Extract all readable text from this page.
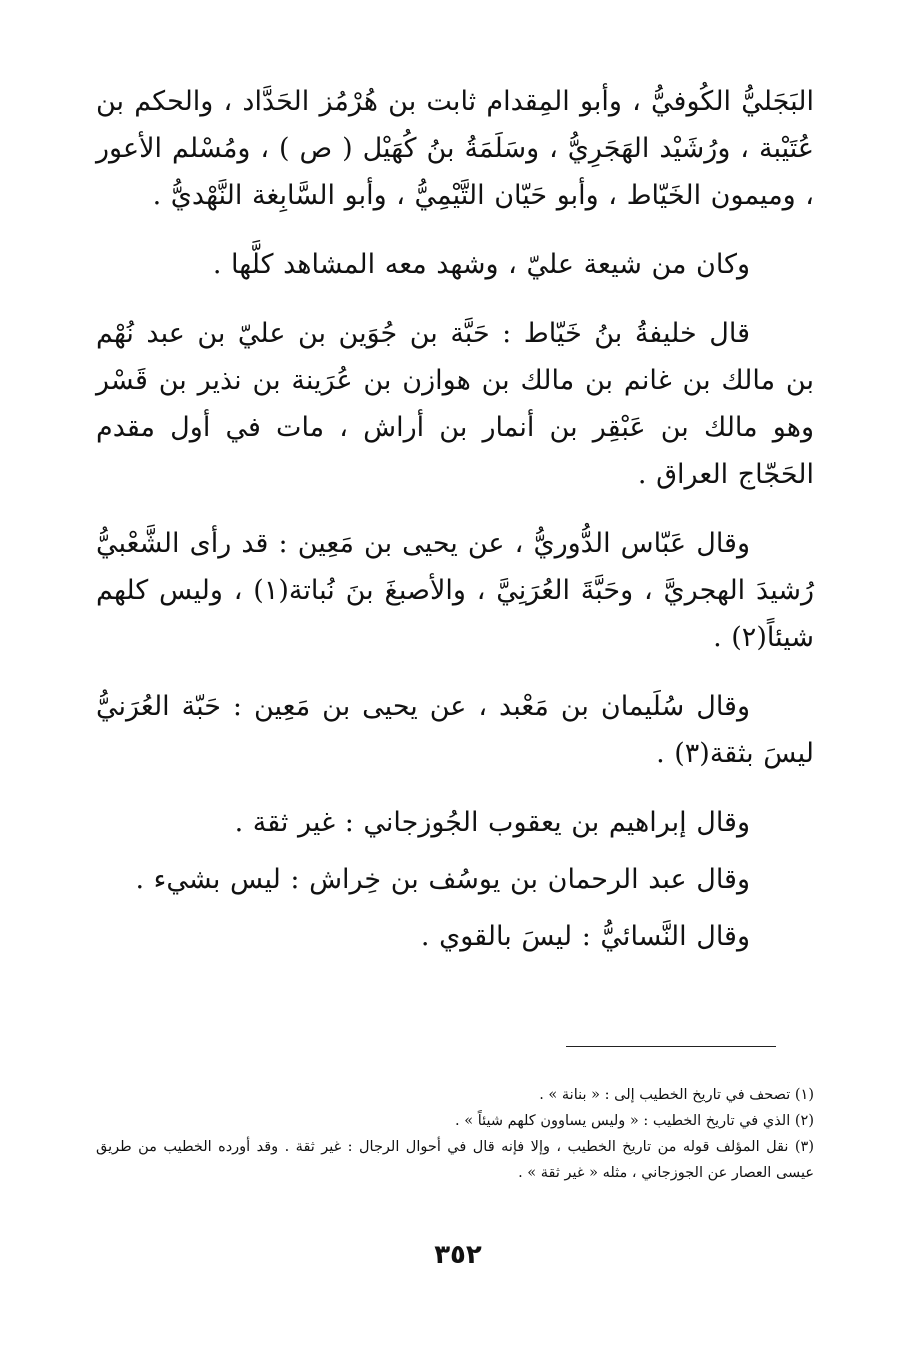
البَجَليُّ الكُوفيُّ ، وأبو المِقدام ثابت بن هُرْمُز الحَدَّاد ، والحكم بن عُتَيْبة ، ورُشَيْد الهَجَرِيُّ ، وسَلَمَةُ بنُ كُهَيْل ( ص ) ، ومُسْلم الأعور ، وميمون الخَيّاط ، وأبو حَيّان التَّيْمِيُّ ، وأبو السَّابِغة النَّهْديُّ .

وكان من شيعة عليّ ، وشهد معه المشاهد كلَّها .

قال خليفةُ بنُ خَيّاط : حَبَّة بن جُوَين بن عليّ بن عبد نُهْم بن مالك بن غانم بن مالك بن هوازن بن عُرَينة بن نذير بن قَسْر وهو مالك بن عَبْقِر بن أنمار بن أراش ، مات في أول مقدم الحَجّاج العراق .

وقال عَبّاس الدُّوريُّ ، عن يحيى بن مَعِين : قد رأى الشَّعْبيُّ رُشيدَ الهجريَّ ، وحَبَّةَ العُرَنِيَّ ، والأصبغَ بنَ نُباتة(١) ، وليس كلهم شيئاً(٢) .

وقال سُلَيمان بن مَعْبد ، عن يحيى بن مَعِين : حَبّة العُرَنيُّ ليسَ بثقة(٣) .

وقال إبراهيم بن يعقوب الجُوزجاني : غير ثقة .

وقال عبد الرحمان بن يوسُف بن خِراش : ليس بشيء .

وقال النَّسائيُّ : ليسَ بالقوي .

(١) تصحف في تاريخ الخطيب إلى : « بنانة » .

(٢) الذي في تاريخ الخطيب : « وليس يساوون كلهم شيئاً » .

(٣) نقل المؤلف قوله من تاريخ الخطيب ، وإلا فإنه قال في أحوال الرجال : غير ثقة . وقد أورده الخطيب من طريق عيسى العصار عن الجوزجاني ، مثله « غير ثقة » .

٣٥٢
